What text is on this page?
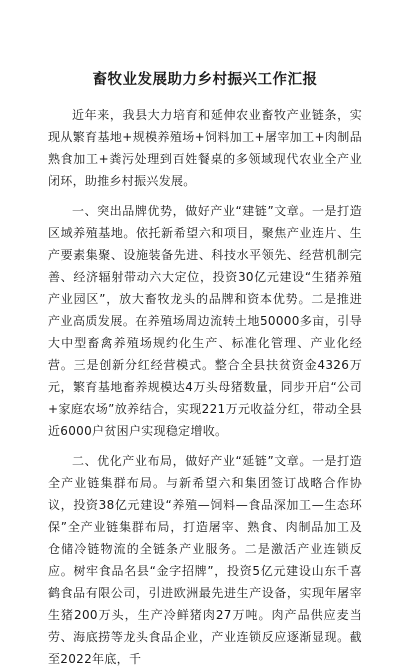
畜牧业发展助力乡村振兴工作汇报

近年来，我县大力培育和延伸农业畜牧产业链条，实现从繁育基地+规模养殖场+饲料加工+屠宰加工+肉制品熟食加工+粪污处理到百姓餐桌的多领域现代农业全产业闭环，助推乡村振兴发展。

一、突出品牌优势，做好产业“建链”文章。一是打造区域养殖基地。依托新希望六和项目，聚焦产业连片、生产要素集聚、设施装备先进、科技水平领先、经营机制完善、经济辐射带动六大定位，投资30亿元建设“生猪养殖产业园区”，放大畜牧龙头的品牌和资本优势。二是推进产业高质发展。在养殖场周边流转土地50000多亩，引导大中型畜禽养殖场规约化生产、标准化管理、产业化经营。三是创新分红经营模式。整合全县扶贫资金4326万元，繁育基地畜养规模达4万头母猪数量，同步开启“公司+家庭农场”放养结合，实现221万元收益分红，带动全县近6000户贫困户实现稳定增收。

二、优化产业布局，做好产业“延链”文章。一是打造全产业链集群布局。与新希望六和集团签订战略合作协议，投资38亿元建设“养殖—饲料—食品深加工—生态环保”全产业链集群布局，打造屠宰、熟食、肉制品加工及仓储冷链物流的全链条产业服务。二是激活产业连锁反应。树牢食品名县“金字招牌”，投资5亿元建设山东千喜鹤食品有限公司，引进欧洲最先进生产设备，实现年屠宰生猪200万头，生产冷鲜猪肉27万吨。肉产品供应麦当劳、海底捞等龙头食品企业，产业连锁反应逐渐显现。截至2022年底，千
